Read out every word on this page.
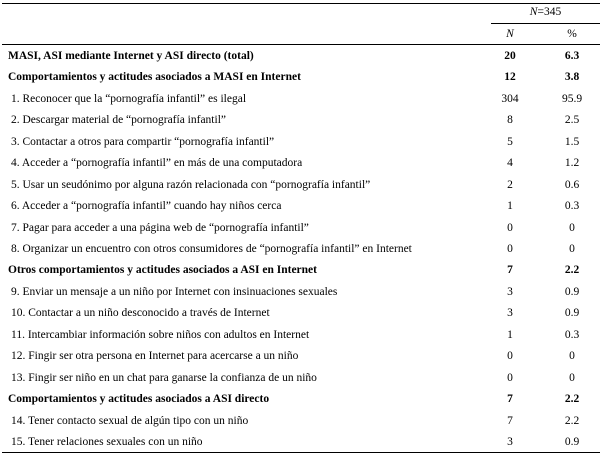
N=345
N	%
MASI, ASI mediante Internet y ASI directo (total)	20	6.3
Comportamientos y actitudes asociados a MASI en Internet	12	3.8
1. Reconocer que la “pornografía infantil” es ilegal	304	95.9
2. Descargar material de “pornografía infantil”	8	2.5
3. Contactar a otros para compartir “pornografía infantil”	5	1.5
4. Acceder a “pornografía infantil” en más de una computadora	4	1.2
5. Usar un seudónimo por alguna razón relacionada con “pornografía infantil”	2	0.6
6. Acceder a “pornografía infantil” cuando hay niños cerca	1	0.3
7. Pagar para acceder a una página web de “pornografía infantil”	0	0
8. Organizar un encuentro con otros consumidores de “pornografía infantil” en Internet	0	0
Otros comportamientos y actitudes asociados a ASI en Internet	7	2.2
9. Enviar un mensaje a un niño por Internet con insinuaciones sexuales	3	0.9
10. Contactar a un niño desconocido a través de Internet	3	0.9
11. Intercambiar información sobre niños con adultos en Internet	1	0.3
12. Fingir ser otra persona en Internet para acercarse a un niño	0	0
13. Fingir ser niño en un chat para ganarse la confianza de un niño	0	0
Comportamientos y actitudes asociados a ASI directo	7	2.2
14. Tener contacto sexual de algún tipo con un niño	7	2.2
15. Tener relaciones sexuales con un niño	3	0.9
